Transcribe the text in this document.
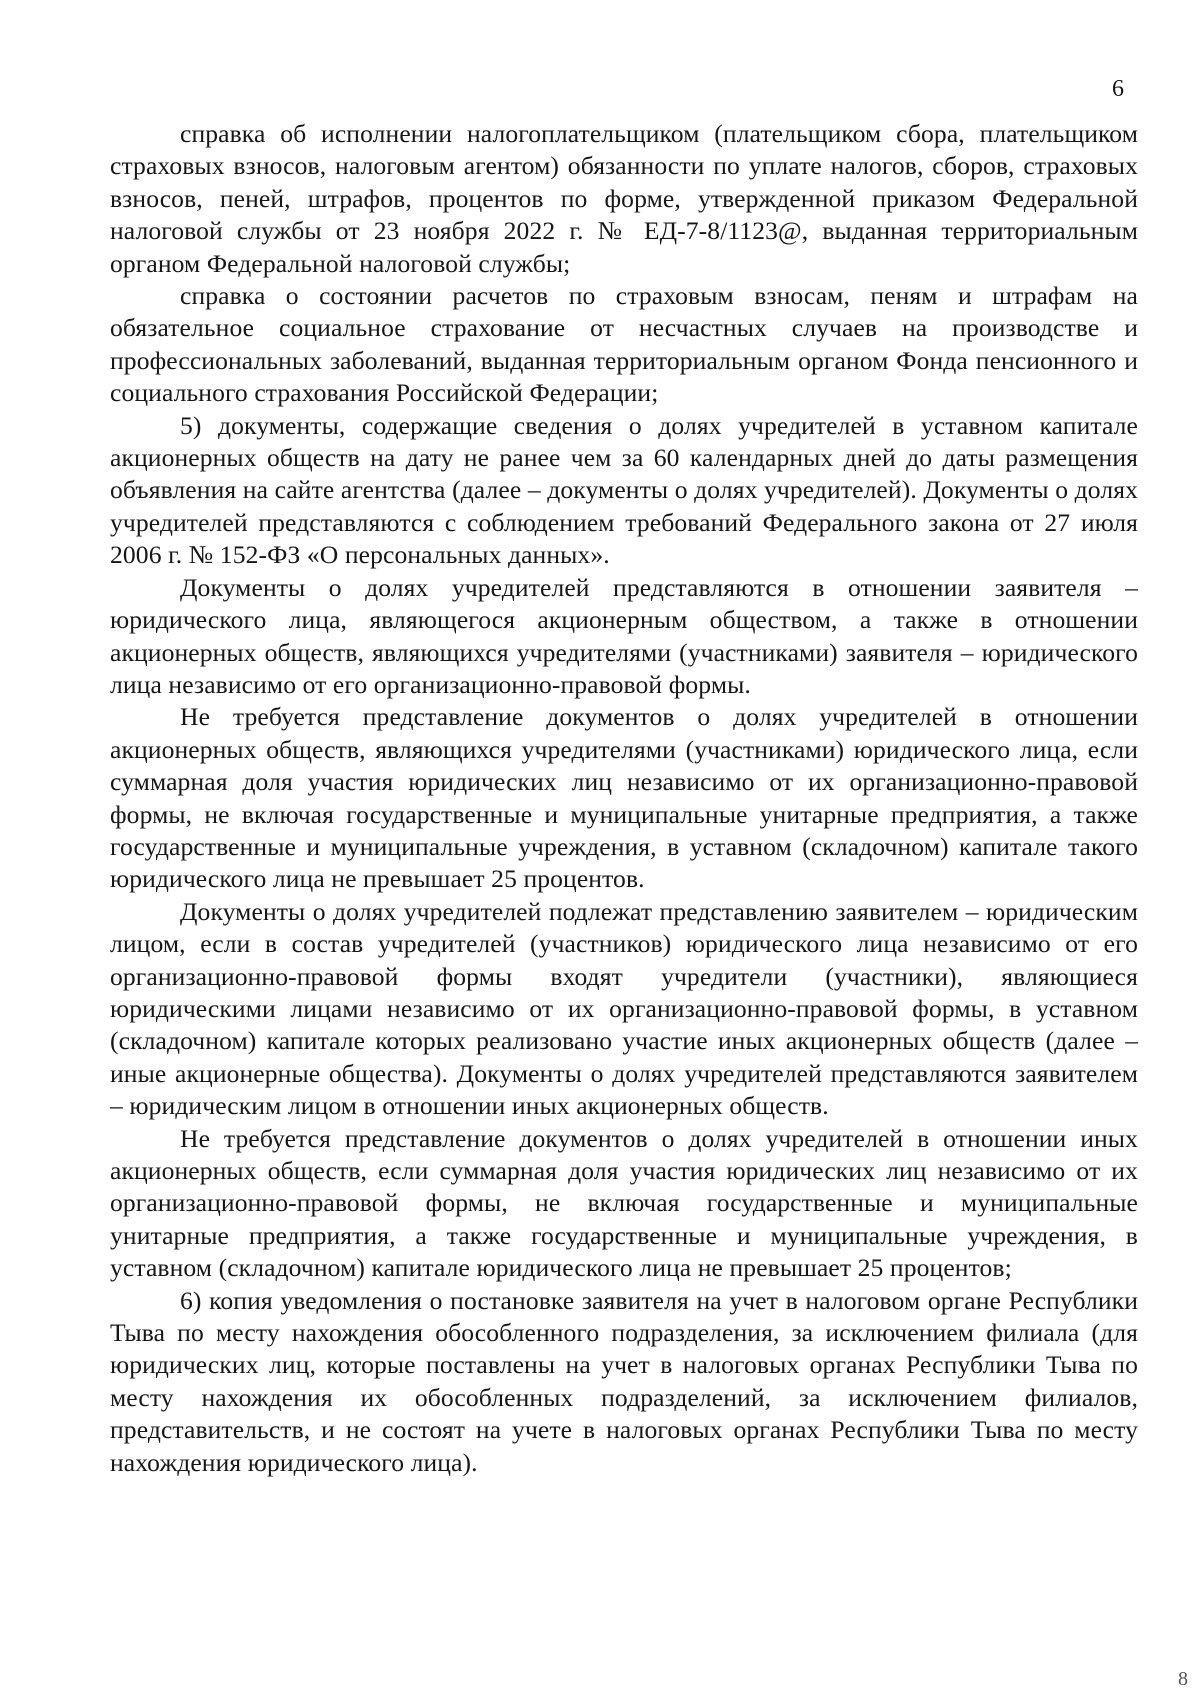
6

справка об исполнении налогоплательщиком (плательщиком сбора, плательщиком страховых взносов, налоговым агентом) обязанности по уплате налогов, сборов, страховых взносов, пеней, штрафов, процентов по форме, утвержденной приказом Федеральной налоговой службы от 23 ноября 2022 г. № ЕД-7-8/1123@, выданная территориальным органом Федеральной налоговой службы;

справка о состоянии расчетов по страховым взносам, пеням и штрафам на обязательное социальное страхование от несчастных случаев на производстве и профессиональных заболеваний, выданная территориальным органом Фонда пенсионного и социального страхования Российской Федерации;

5) документы, содержащие сведения о долях учредителей в уставном капитале акционерных обществ на дату не ранее чем за 60 календарных дней до даты размещения объявления на сайте агентства (далее – документы о долях учредителей). Документы о долях учредителей представляются с соблюдением требований Федерального закона от 27 июля 2006 г. № 152-ФЗ «О персональных данных».

Документы о долях учредителей представляются в отношении заявителя – юридического лица, являющегося акционерным обществом, а также в отношении акционерных обществ, являющихся учредителями (участниками) заявителя – юридического лица независимо от его организационно-правовой формы.

Не требуется представление документов о долях учредителей в отношении акционерных обществ, являющихся учредителями (участниками) юридического лица, если суммарная доля участия юридических лиц независимо от их организационно-правовой формы, не включая государственные и муниципальные унитарные предприятия, а также государственные и муниципальные учреждения, в уставном (складочном) капитале такого юридического лица не превышает 25 процентов.

Документы о долях учредителей подлежат представлению заявителем – юридическим лицом, если в состав учредителей (участников) юридического лица независимо от его организационно-правовой формы входят учредители (участники), являющиеся юридическими лицами независимо от их организационно-правовой формы, в уставном (складочном) капитале которых реализовано участие иных акционерных обществ (далее – иные акционерные общества). Документы о долях учредителей представляются заявителем – юридическим лицом в отношении иных акционерных обществ.

Не требуется представление документов о долях учредителей в отношении иных акционерных обществ, если суммарная доля участия юридических лиц независимо от их организационно-правовой формы, не включая государственные и муниципальные унитарные предприятия, а также государственные и муниципальные учреждения, в уставном (складочном) капитале юридического лица не превышает 25 процентов;

6) копия уведомления о постановке заявителя на учет в налоговом органе Республики Тыва по месту нахождения обособленного подразделения, за исключением филиала (для юридических лиц, которые поставлены на учет в налоговых органах Республики Тыва по месту нахождения их обособленных подразделений, за исключением филиалов, представительств, и не состоят на учете в налоговых органах Республики Тыва по месту нахождения юридического лица).

8
